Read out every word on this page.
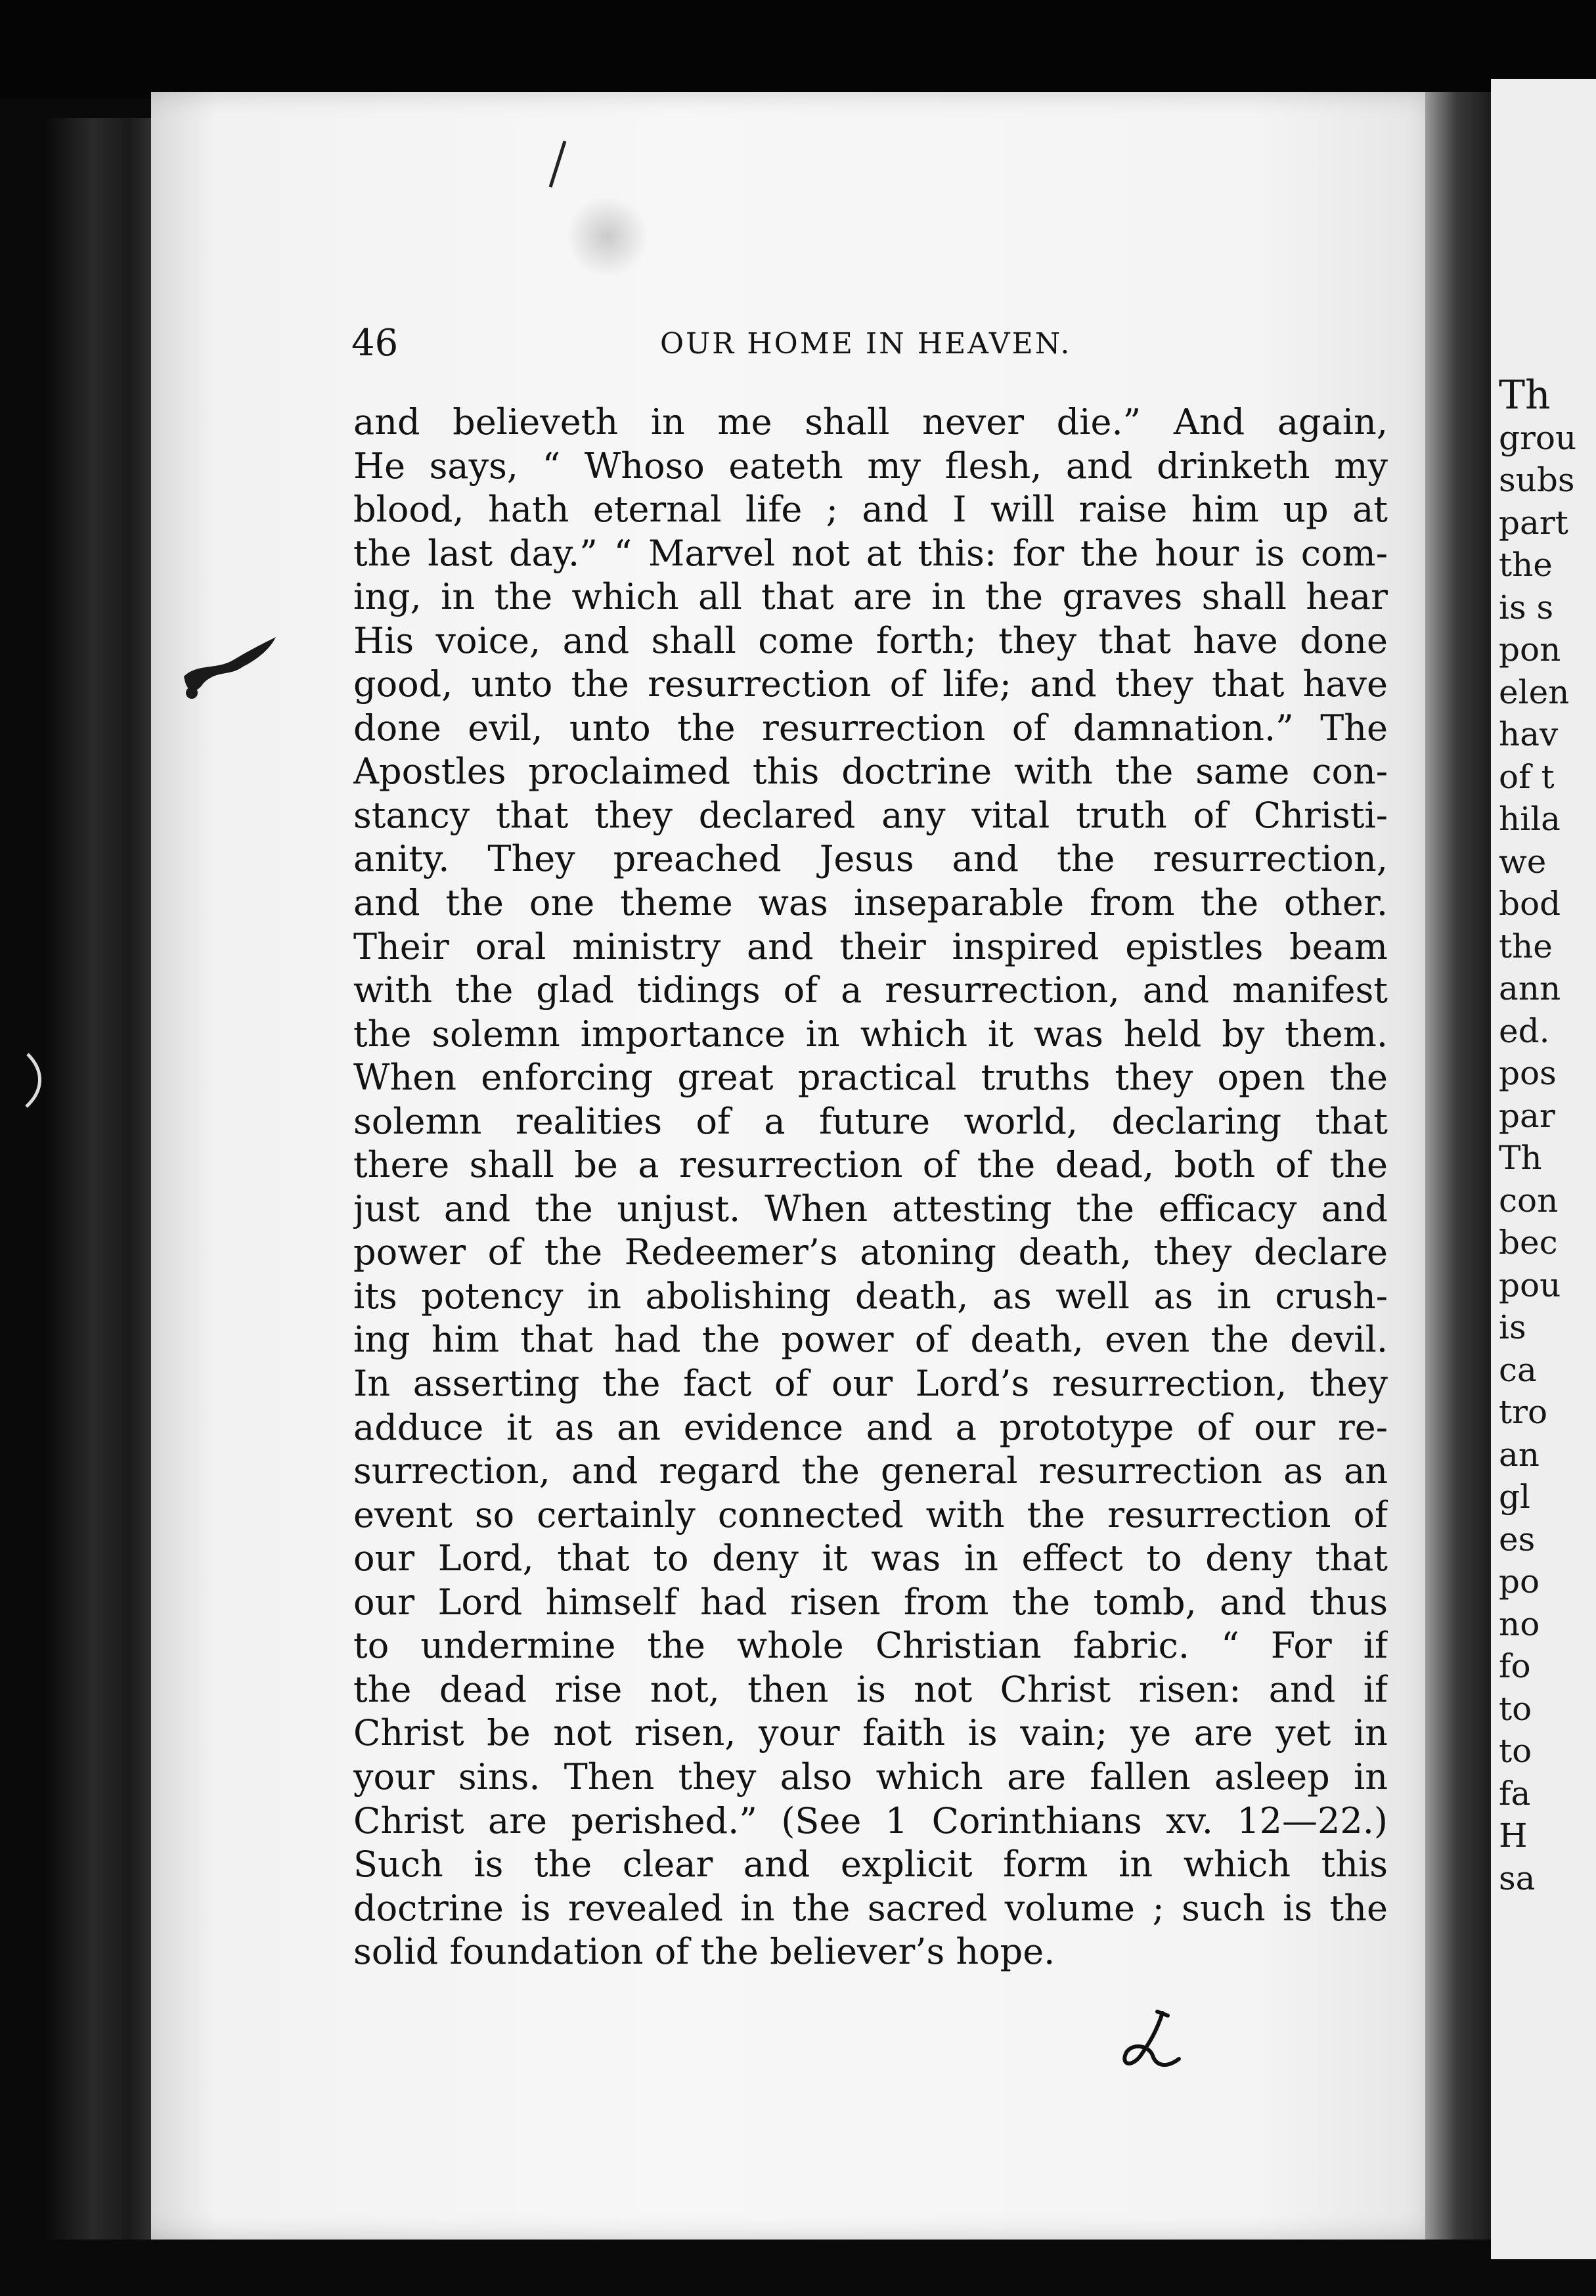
Th
grou
subs
part
the
is s
pon
elen
hav
of t
hila
we
bod
the
ann
ed.
pos
par
Th
con
bec
pou
is
ca
tro
an
gl
es
po
no
fo
to
to
fa
H
sa
46	OUR HOME IN HEAVEN.
and believeth in me shall never die.” And again,
He says, “ Whoso eateth my flesh, and drinketh my
blood, hath eternal life ; and I will raise him up at
the last day.” “ Marvel not at this: for the hour is com-
ing, in the which all that are in the graves shall hear
His voice, and shall come forth; they that have done
good, unto the resurrection of life; and they that have
done evil, unto the resurrection of damnation.” The
Apostles proclaimed this doctrine with the same con-
stancy that they declared any vital truth of Christi-
anity. They preached Jesus and the resurrection,
and the one theme was inseparable from the other.
Their oral ministry and their inspired epistles beam
with the glad tidings of a resurrection, and manifest
the solemn importance in which it was held by them.
When enforcing great practical truths they open the
solemn realities of a future world, declaring that
there shall be a resurrection of the dead, both of the
just and the unjust. When attesting the efficacy and
power of the Redeemer’s atoning death, they declare
its potency in abolishing death, as well as in crush-
ing him that had the power of death, even the devil.
In asserting the fact of our Lord’s resurrection, they
adduce it as an evidence and a prototype of our re-
surrection, and regard the general resurrection as an
event so certainly connected with the resurrection of
our Lord, that to deny it was in effect to deny that
our Lord himself had risen from the tomb, and thus
to undermine the whole Christian fabric. “ For if
the dead rise not, then is not Christ risen: and if
Christ be not risen, your faith is vain; ye are yet in
your sins. Then they also which are fallen asleep in
Christ are perished.” (See 1 Corinthians xv. 12—22.)
Such is the clear and explicit form in which this
doctrine is revealed in the sacred volume ; such is the
solid foundation of the believer’s hope.
